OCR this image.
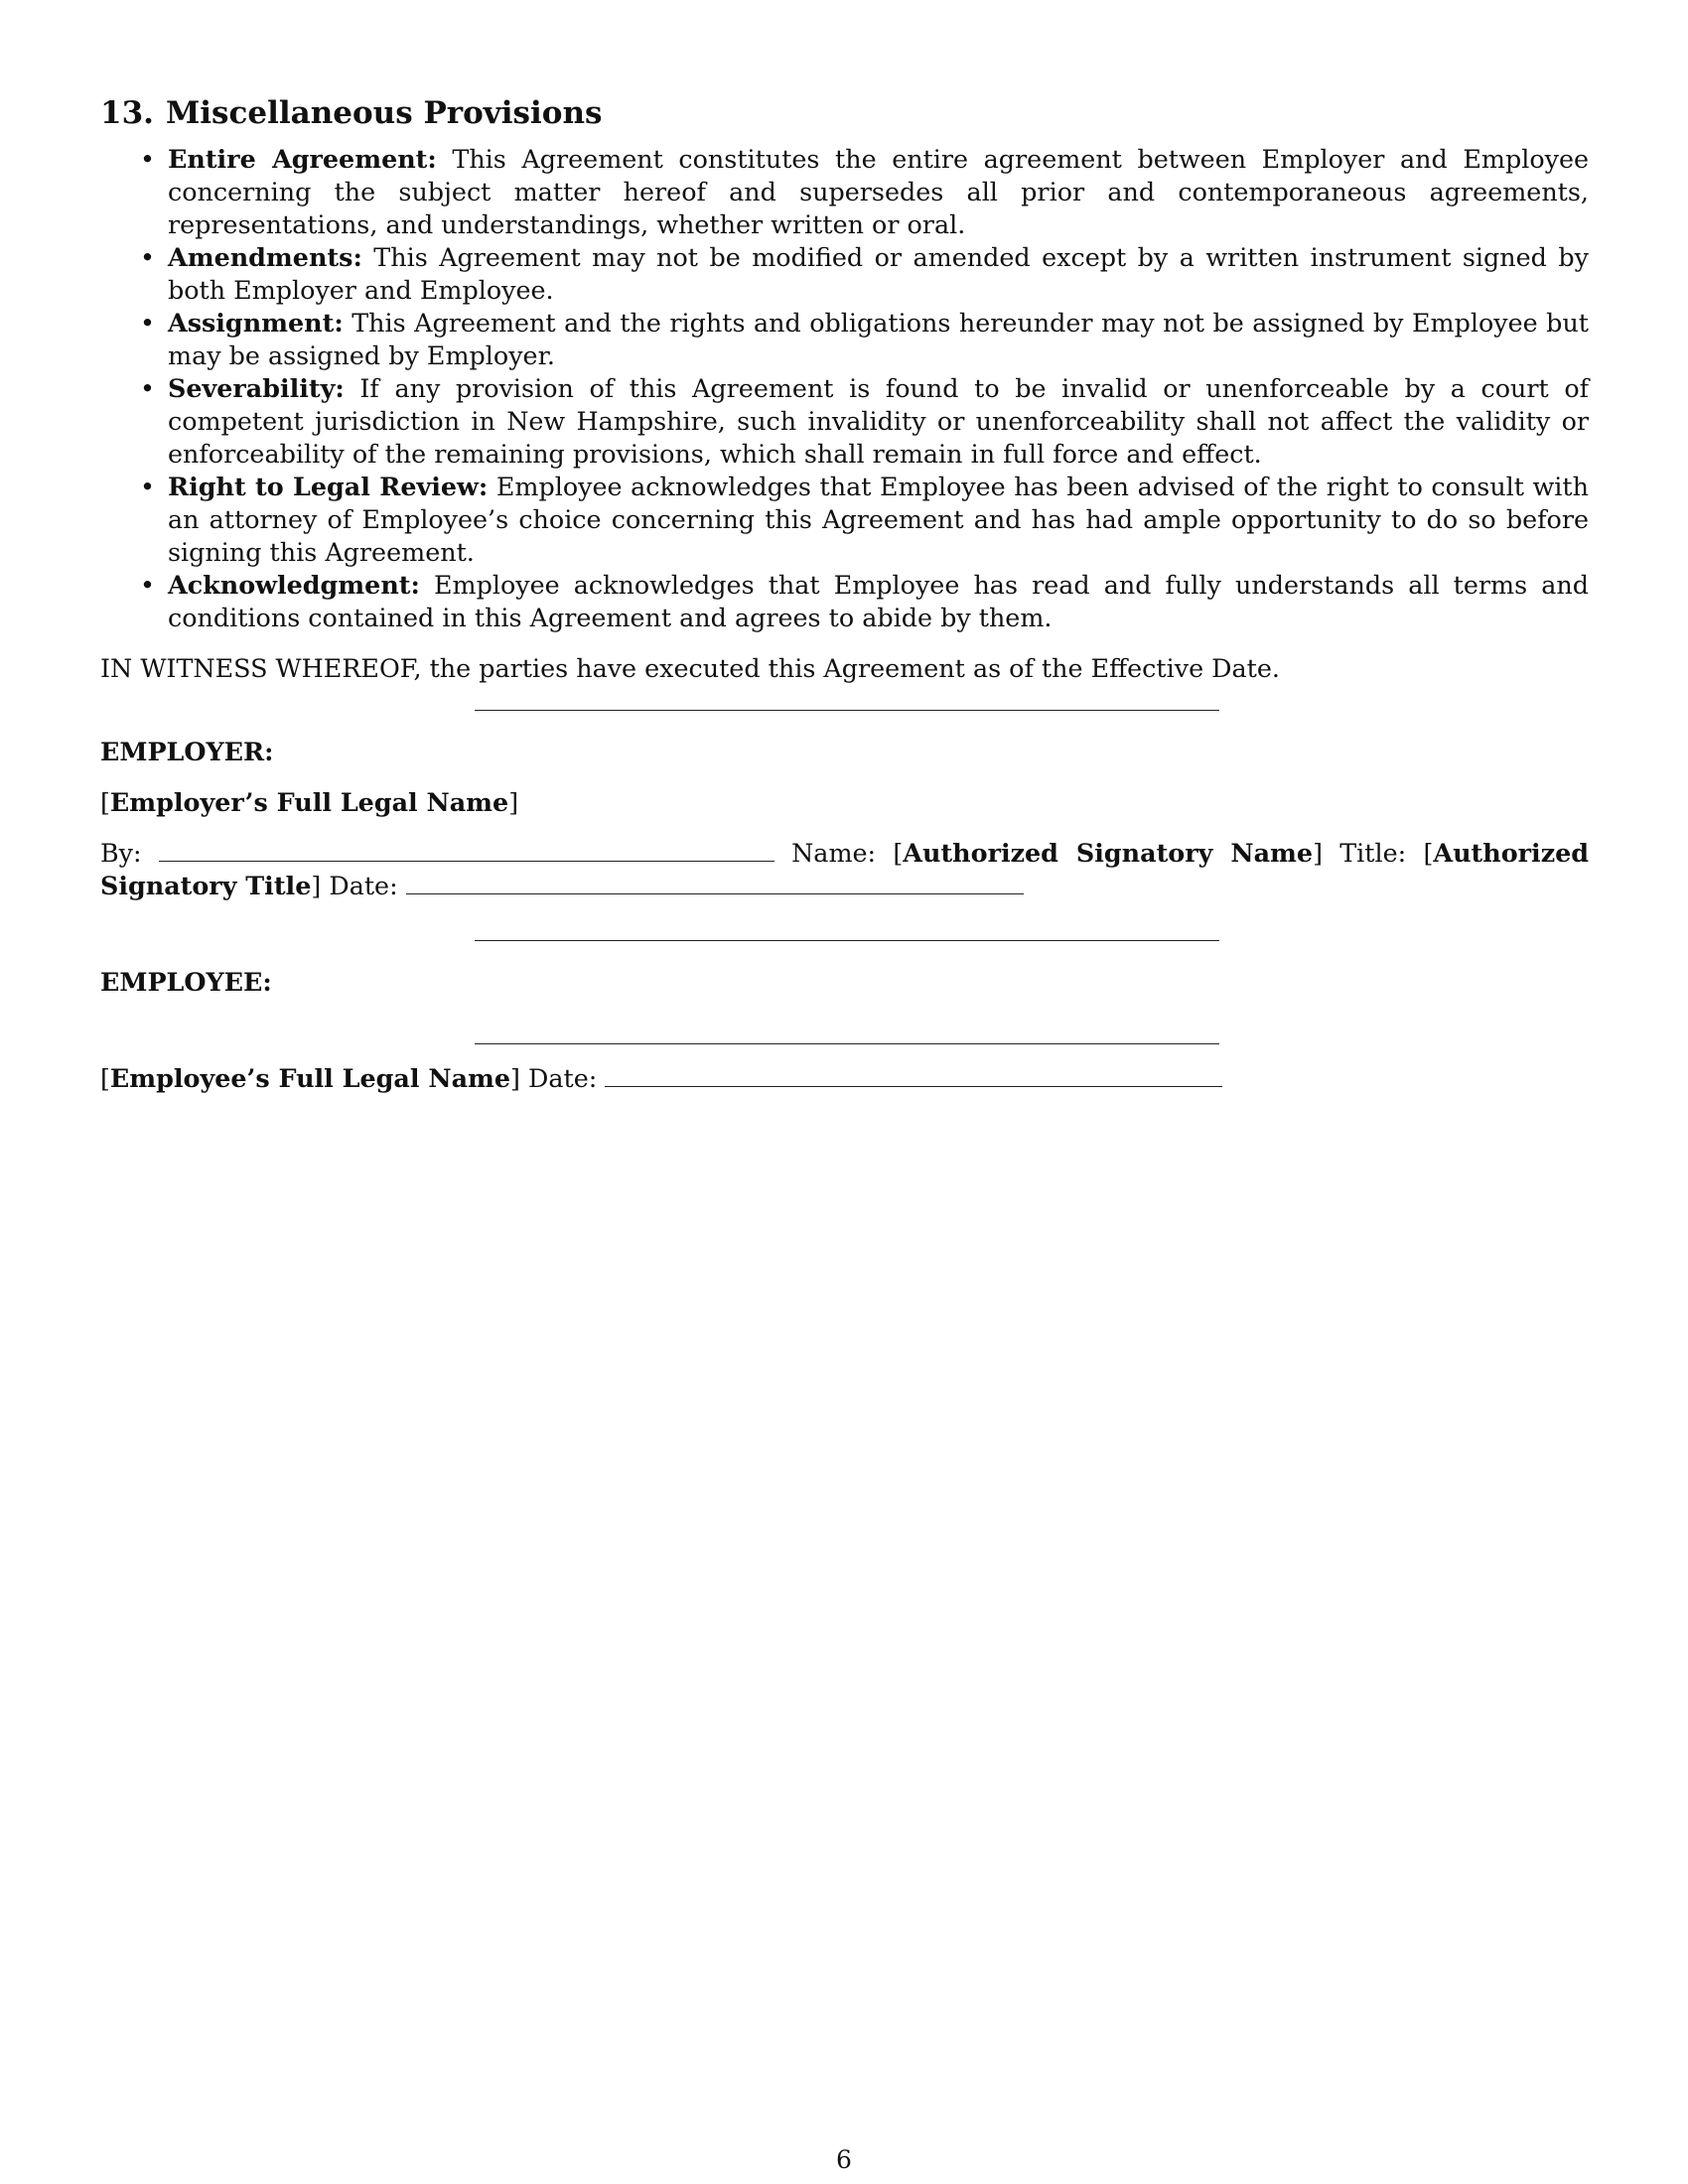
13. Miscellaneous Provisions
• Entire Agreement: This Agreement constitutes the entire agreement between Employer and Employee concerning the subject matter hereof and supersedes all prior and contemporaneous agreements, representations, and understandings, whether written or oral.
• Amendments: This Agreement may not be modified or amended except by a written instrument signed by both Employer and Employee.
• Assignment: This Agreement and the rights and obligations hereunder may not be assigned by Employee but may be assigned by Employer.
• Severability: If any provision of this Agreement is found to be invalid or unenforceable by a court of competent jurisdiction in New Hampshire, such invalidity or unenforceability shall not affect the validity or enforceability of the remaining provisions, which shall remain in full force and effect.
• Right to Legal Review: Employee acknowledges that Employee has been advised of the right to consult with an attorney of Employee’s choice concerning this Agreement and has had ample opportunity to do so before signing this Agreement.
• Acknowledgment: Employee acknowledges that Employee has read and fully understands all terms and conditions contained in this Agreement and agrees to abide by them.
IN WITNESS WHEREOF, the parties have executed this Agreement as of the Effective Date.
EMPLOYER:
[Employer’s Full Legal Name]
By:	Name: [Authorized Signatory Name] Title: [Authorized Signatory Title] Date:
EMPLOYEE:
[Employee’s Full Legal Name] Date:
6
